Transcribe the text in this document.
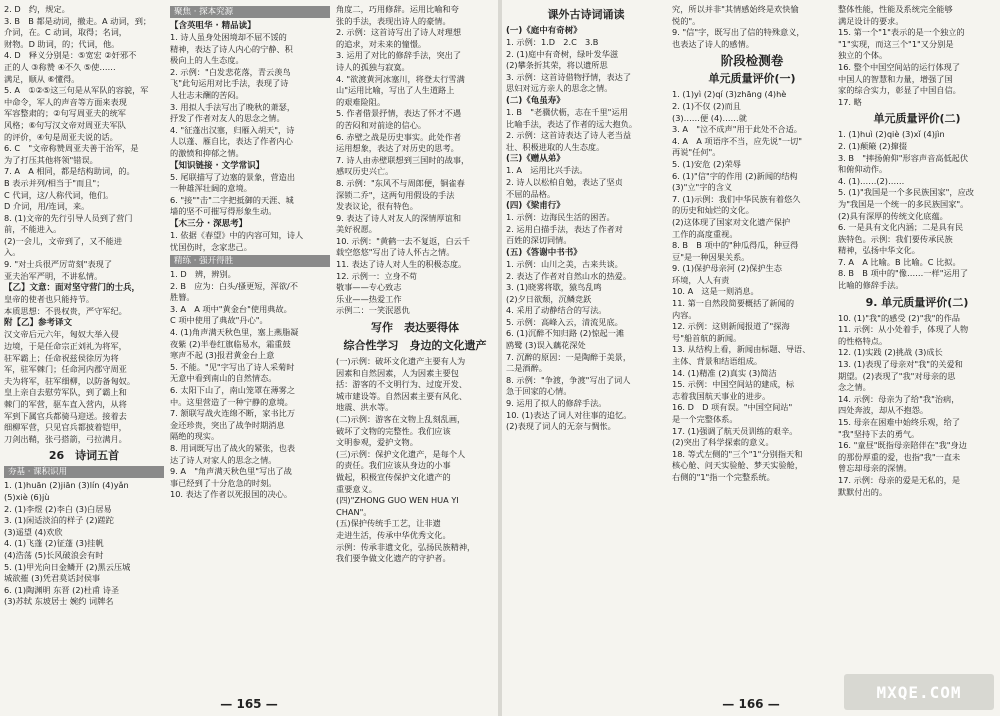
2. D　约，规定。
3. B　B 都是动词，撤走。A 动词，到；
介词，在。C 动词，取得；名词，
财物。D 助词，的；代词，他。
4. D　释义分别是：⑤宽宏 ②奸邪不
正的人 ③称赞 ④不久 ⑤使……
满足，顺从 ⑥懂得。
5. A　①②⑤这三句是从军队的容貌，军
中命令，军人的声音等方面来表现
军容整肃的；②句写周亚夫的统军
风格；⑥句写汉文帝对周亚夫军队
的评价，④句是周亚夫说的话。
6. C　"文帝称赞周亚夫善于治军，是
为了打压其他将领"错误。
7. A　A 相同，都是结构助词，的。
B 表示并列/相当于"而且"；
C 代词，这/人称代词，他们。
D 介词，用/连词，来。
8. (1)文帝的先行引导人员到了营门
前，不能进入。
(2)一会儿，文帝到了，又不能进
入。
9. "对士兵很严厉苛刻"表现了
亚夫治军严明，不讲私情。
【乙】文意：面对坚守营门的士兵，
皇帝的使者也只能持节。
本质思想：不畏权贵，严守军纪。
附【乙】参考译文
汉文帝后元六年，匈奴大举入侵
边境，于是任命宗正刘礼为将军，
驻军霸上；任命祝兹侯徐厉为将
军，驻军棘门；任命河内郡守周亚
夫为将军，驻军细柳，以防备匈奴。
皇上亲自去慰劳军队，到了霸上和
棘门的军营，驱车直入营内，从将
军到下属官兵都骑马迎送。接着去
细柳军营，只见官兵都披着铠甲，
刀剑出鞘，张弓搭箭，弓拉满月。
26　诗词五首
夯基 · 课积识用
1. (1)huān (2)jiān (3)lín (4)yǎn
(5)xiè (6)jù
2. (1)李煜 (2)李白 (3)白居易
3. (1)闲适淡泊的样子 (2)蹉跎
(3)遥望 (4)欢欣
4. (1)飞蓬 (2)征蓬 (3)挂帆
(4)浩荡 (5)长风破浪会有时
5. (1)甲光向日金鳞开 (2)黑云压城
城欲摧 (3)凭君莫话封侯事
6. (1)陶渊明 东晋 (2)杜甫 诗圣
(3)苏轼 东坡居士 婉约 词牌名
聚焦 · 探本究源
【含英咀华 · 精品读】
1. 诗人虽身处困境却不屈不馁的
精神，表达了诗人内心的宁静、积
极向上的人生态度。
2. 示例："白发悲花落，青云羡鸟
飞"此句运用对比手法，表现了诗
人壮志未酬的苦闷。
3. 用拟人手法写出了晚秋的萧瑟，
抒发了作者对友人的思念之情。
4. "征蓬出汉塞，归雁入胡天"，诗
人以蓬、雁自比，表达了作者内心
的激愤和抑郁之情。
【知识链接 · 文学常识】
5. 尾联描写了边塞的景象，营造出
一种雄浑壮阔的意境。
6. "接""击"二字把抵御的天涯、城
墙的坚不可摧写得形象生动。
【木三分 · 深思考】
1. 依据《春望》中的内容可知，诗人
忧国伤时，念家悲己。
精练 · 强开得胜
1. D　辨，辨别。
2. B　应为：白头/搔更短，浑欲/不
胜簪。
3. A　A 项中"黄金台"使用典故。
C 项中使用了典故"丹心"。
4. (1)角声满天秋色里，塞上燕脂凝
夜紫 (2)半卷红旗临易水，霜重鼓
寒声不起 (3)报君黄金台上意
5. 不能。"见"字写出了诗人采菊时
无意中看到南山的自然情态。
6. 太阳下山了，南山笼罩在薄雾之
中。这里营造了一种宁静的意境。
7. 颔联写战火连绵不断，家书比万
金还珍贵，突出了战争时期消息
隔绝的现实。
8. 用词既写出了战火的紧张，也表
达了诗人对家人的思念之情。
9. A　"角声满天秋色里"写出了战
事已经到了十分危急的时刻。
10. 表达了作者以死报国的决心。
角度二，巧用修辞。运用比喻和夸
张的手法，表现出诗人的豪情。
2. 示例：这首诗写出了诗人对理想
的追求，对未来的憧憬。
3. 运用了对比的修辞手法，突出了
诗人的孤独与寂寞。
4. "欲渡黄河冰塞川，将登太行雪满
山"运用比喻，写出了人生道路上
的艰难险阻。
5. 作者借景抒情，表达了怀才不遇
的苦闷和对前途的信心。
6. 赤壁之战是历史事实。此处作者
运用想象，表达了对历史的思考。
7. 诗人由赤壁联想到三国时的战事，
感叹历史兴亡。
8. 示例："东风不与周郎便，铜雀春
深锁二乔"，这两句用假设的手法
发表议论，很有特色。
9. 表达了诗人对友人的深情厚谊和
美好祝愿。
10. 示例："黄鹤一去不复返，白云千
载空悠悠"写出了诗人怀古之情。
11. 表达了诗人对人生的积极态度。
12. 示例一：立身不苟
敬事——专心致志
乐业——热爱工作
示例二：一笑泯恩仇
写作　表达要得体
综合性学习　身边的文化遗产
(一)示例：破坏文化遗产主要有人为
因素和自然因素，人为因素主要包
括：游客的不文明行为、过度开发、
城市建设等。自然因素主要有风化、
地震、洪水等。
(二)示例：游客在文物上乱刻乱画，
破坏了文物的完整性。我们应该
文明参观，爱护文物。
(三)示例：保护文化遗产，是每个人
的责任。我们应该从身边的小事
做起，积极宣传保护文化遗产的
重要意义。
(四)"ZHONG GUO WEN HUA YI
CHAN"。
(五)保护传统手工艺，让非遗
走进生活，传承中华优秀文化。
示例：传承非遗文化，弘扬民族精神，
我们要争做文化遗产的守护者。
— 165 —
课外古诗词诵读
(一)《庭中有奇树》
1. 示例：1.D　2.C　3.B
2. (1)庭中有奇树，绿叶发华滋
(2)攀条折其荣，将以遗所思
3. 示例：这首诗借物抒情，表达了
思妇对远方亲人的思念之情。
(二)《龟虽寿》
1. B　"老骥伏枥，志在千里"运用
比喻手法，表达了作者的远大抱负。
2. 示例：这首诗表达了诗人老当益
壮、积极进取的人生态度。
(三)《赠从弟》
1. A　运用比兴手法。
2. 诗人以松柏自勉，表达了坚贞
不屈的品格。
(四)《梁甫行》
1. 示例：边海民生活的困苦。
2. 运用白描手法，表达了作者对
百姓的深切同情。
(五)《答谢中书书》
1. 示例：山川之美，古来共谈。
2. 表达了作者对自然山水的热爱。
3. (1)晓雾将歇，猿鸟乱鸣
(2)夕日欲颓，沉鳞竞跃
4. 采用了动静结合的写法。
5. 示例：高峰入云，清流见底。
6. (1)沉醉不知归路 (2)惊起一滩
鸥鹭 (3)误入藕花深处
7. 沉醉的原因：一是陶醉于美景，
二是酒醉。
8. 示例："争渡，争渡"写出了词人
急于回家的心情。
9. 运用了拟人的修辞手法。
10. (1)表达了词人对往事的追忆。
(2)表现了词人的无奈与惆怅。
究，所以并非"其情感始终是欢快愉
悦的"。
9. "信"字，既写出了信的特殊意义，
也表达了诗人的感情。
阶段检测卷
单元质量评价(一)
1. (1)yì (2)qí (3)zhāng (4)hè
2. (1)不仅 (2)而且
(3)……便 (4)……就
3. A　"泣不成声"用于此处不合适。
4. A　A 项语序不当，应先说"一切"
再说"任何"。
5. (1)安危 (2)荣辱
6. (1)"信"字的作用 (2)新闻的结构
(3)"立"字的含义
7. (1)示例：我们中华民族有着悠久
的历史和灿烂的文化。
(2)这体现了国家对文化遗产保护
工作的高度重视。
8. B　B 项中的"种瓜得瓜，种豆得
豆"是一种因果关系。
9. (1)保护母亲河 (2)保护生态
环境，人人有责
10. A　这是一则消息。
11. 第一自然段简要概括了新闻的
内容。
12. 示例：这则新闻报道了"探海
号"船首航的新闻。
13. 从结构上看，新闻由标题、导语、
主体、背景和结语组成。
14. (1)精准 (2)真实 (3)简洁
15. 示例：中国空间站的建成，标
志着我国航天事业的进步。
16. D　D 项有误。"中国空间站"
是一个完整体系。
17. (1)强调了航天员训练的艰辛。
(2)突出了科学探索的意义。
18. 等式左侧的"三个"1"分别指天和
核心舱、问天实验舱、梦天实验舱，
右侧的"1"指一个完整系统。
整体性能，性能及系统完全能够
满足设计的要求。
15. 第一个"1"表示的是一个独立的
"1"实现，而这三个"1"又分别是
独立的个体。
16. 整个中国空间站的运行体现了
中国人的智慧和力量，增强了国
家的综合实力，彰显了中国自信。
17. 略
单元质量评价(二)
1. (1)huì (2)qiè (3)xǐ (4)jìn
2. (1)颠簸 (2)撺掇
3. B　"摔扬俯仰"形容声音高低起伏
和俯仰动作。
4. (1)……(2)……
5. (1)"我国是一个多民族国家"，应改
为"我国是一个统一的多民族国家"。
(2)具有深厚的传统文化底蕴。
6. 一是具有文化内涵；二是具有民
族特色。示例：我们要传承民族
精神，弘扬中华文化。
7. A　A 比喻。B 比喻。C 比拟。
8. B　B 项中的"像……一样"运用了
比喻的修辞手法。
9. 单元质量评价(二)
10. (1)"我"的感受 (2)"我"的作品
11. 示例：从小处着手，体现了人物
的性格特点。
12. (1)实践 (2)挑战 (3)成长
13. (1)表现了母亲对"我"的关爱和
期望。(2)表现了"我"对母亲的思
念之情。
14. 示例：母亲为了给"我"治病，
四处奔波，却从不抱怨。
15. 母亲在困难中始终乐观，给了
"我"坚持下去的勇气。
16. "童昼"既指母亲陪伴在"我"身边
的那份厚重的爱，也指"我"一直未
曾忘却母亲的深情。
17. 示例：母亲的爱是无私的，是
默默付出的。
— 166 —
MXQE.COM
